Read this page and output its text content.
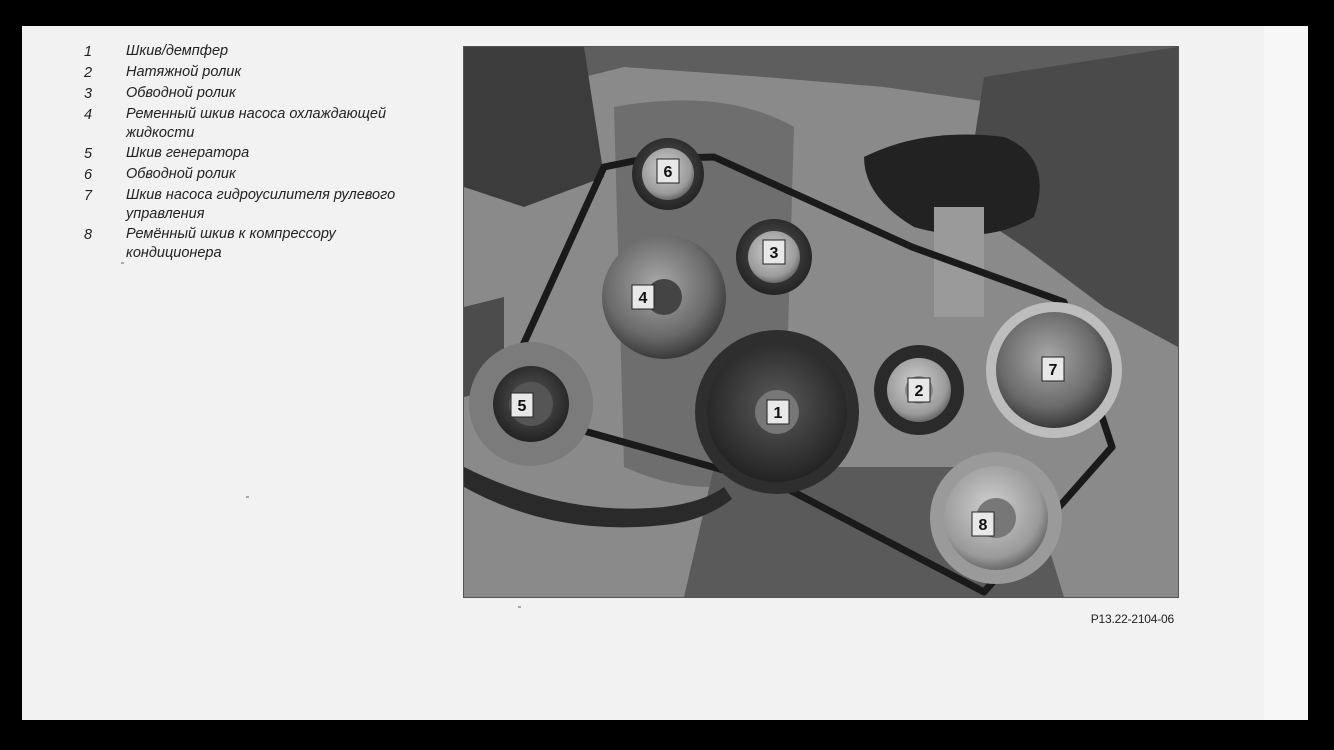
1	Шкив/демпфер
2	Натяжной ролик
3	Обводной ролик
4	Ременный шкив насоса охлаждающей жидкости
5	Шкив генератора
6	Обводной ролик
7	Шкив насоса гидроусилителя рулевого управления
8	Ремённый шкив к компрессору кондиционера
1
2
3
4
5
6
7
8
P13.22-2104-06
